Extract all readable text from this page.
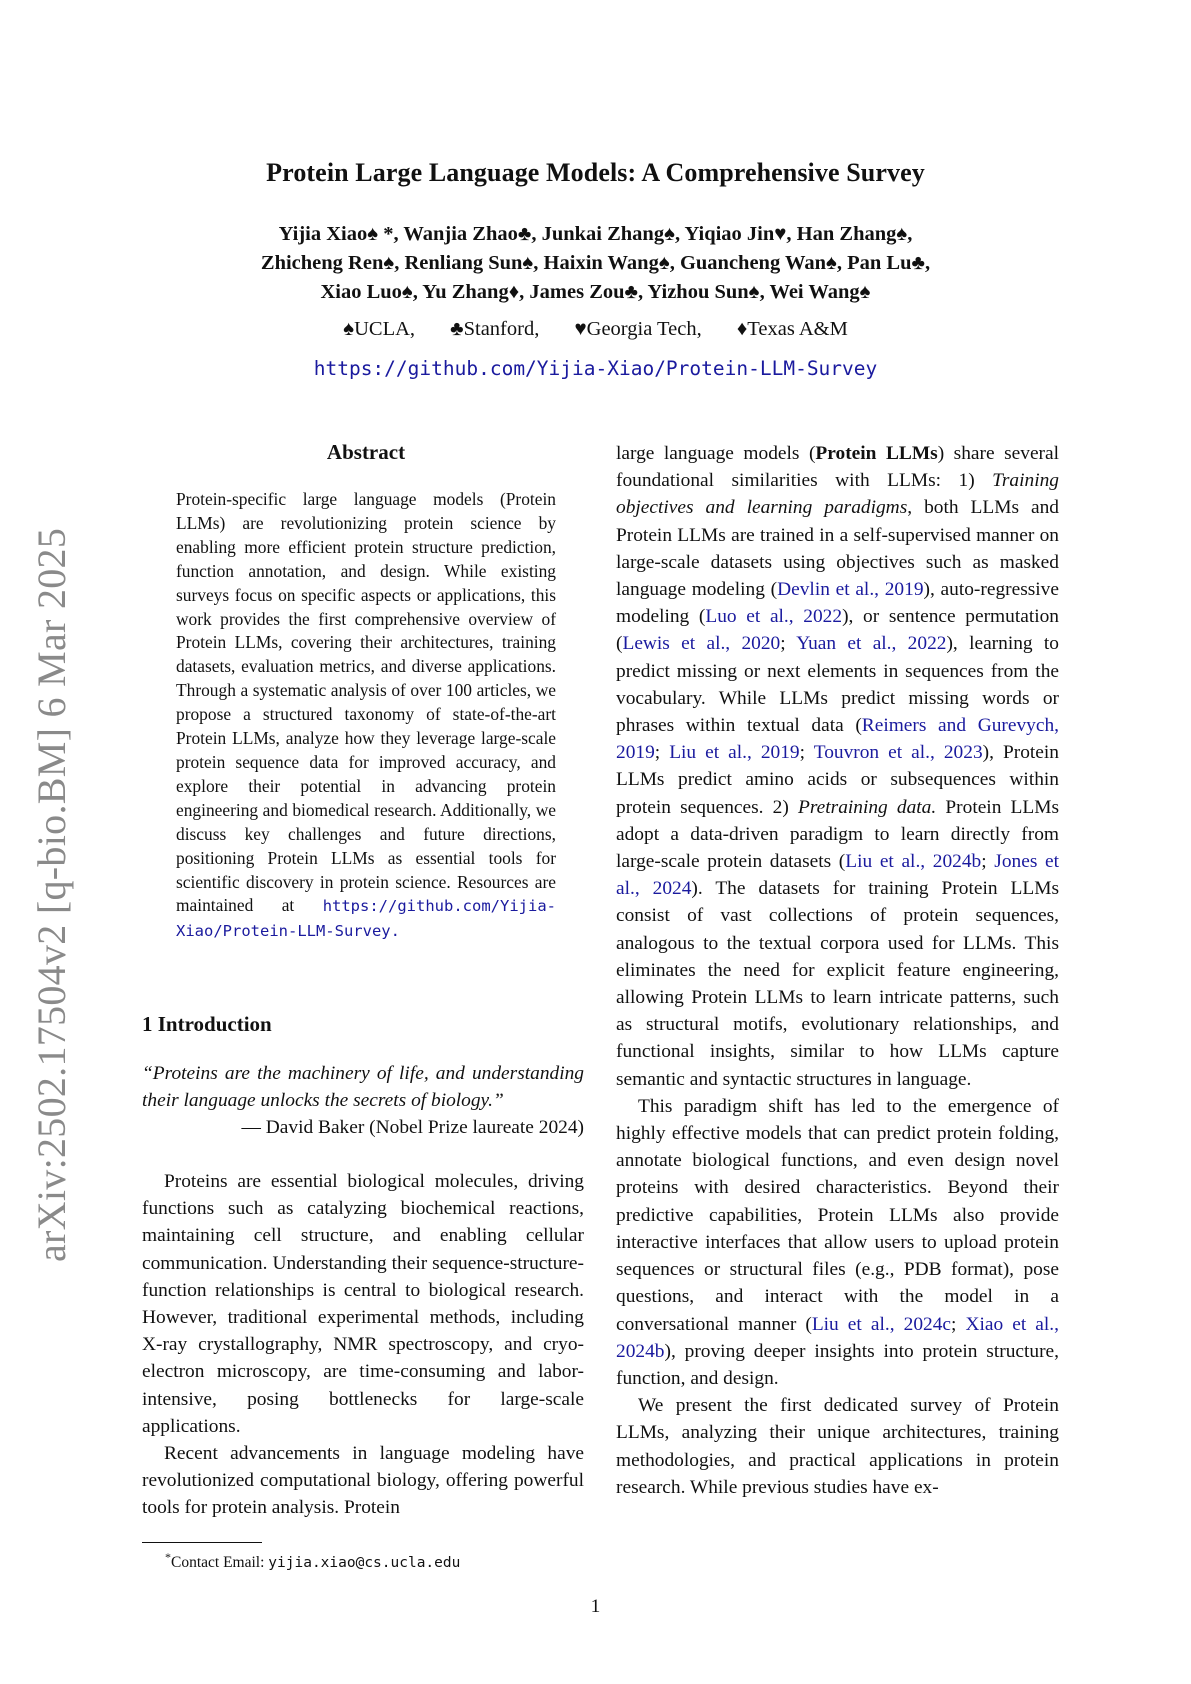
Protein Large Language Models: A Comprehensive Survey
Yijia Xiao♠ *, Wanjia Zhao♣, Junkai Zhang♠, Yiqiao Jin♥, Han Zhang♠,
Zhicheng Ren♠, Renliang Sun♠, Haixin Wang♠, Guancheng Wan♠, Pan Lu♣,
Xiao Luo♠, Yu Zhang♦, James Zou♣, Yizhou Sun♠, Wei Wang♠
♠UCLA, ♣Stanford, ♥Georgia Tech, ♦Texas A&M
https://github.com/Yijia-Xiao/Protein-LLM-Survey
arXiv:2502.17504v2 [q-bio.BM] 6 Mar 2025
Abstract
Protein-specific large language models (Protein LLMs) are revolutionizing protein science by enabling more efficient protein structure prediction, function annotation, and design. While existing surveys focus on specific aspects or applications, this work provides the first comprehensive overview of Protein LLMs, covering their architectures, training datasets, evaluation metrics, and diverse applications. Through a systematic analysis of over 100 articles, we propose a structured taxonomy of state-of-the-art Protein LLMs, analyze how they leverage large-scale protein sequence data for improved accuracy, and explore their potential in advancing protein engineering and biomedical research. Additionally, we discuss key challenges and future directions, positioning Protein LLMs as essential tools for scientific discovery in protein science. Resources are maintained at https://github.com/Yijia-Xiao/Protein-LLM-Survey.
1 Introduction
“Proteins are the machinery of life, and understanding their language unlocks the secrets of biology.”
— David Baker (Nobel Prize laureate 2024)

Proteins are essential biological molecules, driving functions such as catalyzing biochemical reactions, maintaining cell structure, and enabling cellular communication. Understanding their sequence-structure-function relationships is central to biological research. However, traditional experimental methods, including X-ray crystallography, NMR spectroscopy, and cryo-electron microscopy, are time-consuming and labor-intensive, posing bottlenecks for large-scale applications.

Recent advancements in language modeling have revolutionized computational biology, offering powerful tools for protein analysis. Protein

*Contact Email: yijia.xiao@cs.ucla.edu

large language models (Protein LLMs) share several foundational similarities with LLMs: 1) Training objectives and learning paradigms, both LLMs and Protein LLMs are trained in a self-supervised manner on large-scale datasets using objectives such as masked language modeling (Devlin et al., 2019), auto-regressive modeling (Luo et al., 2022), or sentence permutation (Lewis et al., 2020; Yuan et al., 2022), learning to predict missing or next elements in sequences from the vocabulary. While LLMs predict missing words or phrases within textual data (Reimers and Gurevych, 2019; Liu et al., 2019; Touvron et al., 2023), Protein LLMs predict amino acids or subsequences within protein sequences. 2) Pretraining data. Protein LLMs adopt a data-driven paradigm to learn directly from large-scale protein datasets (Liu et al., 2024b; Jones et al., 2024). The datasets for training Protein LLMs consist of vast collections of protein sequences, analogous to the textual corpora used for LLMs. This eliminates the need for explicit feature engineering, allowing Protein LLMs to learn intricate patterns, such as structural motifs, evolutionary relationships, and functional insights, similar to how LLMs capture semantic and syntactic structures in language.

This paradigm shift has led to the emergence of highly effective models that can predict protein folding, annotate biological functions, and even design novel proteins with desired characteristics. Beyond their predictive capabilities, Protein LLMs also provide interactive interfaces that allow users to upload protein sequences or structural files (e.g., PDB format), pose questions, and interact with the model in a conversational manner (Liu et al., 2024c; Xiao et al., 2024b), proving deeper insights into protein structure, function, and design.

We present the first dedicated survey of Protein LLMs, analyzing their unique architectures, training methodologies, and practical applications in protein research. While previous studies have ex-

1
